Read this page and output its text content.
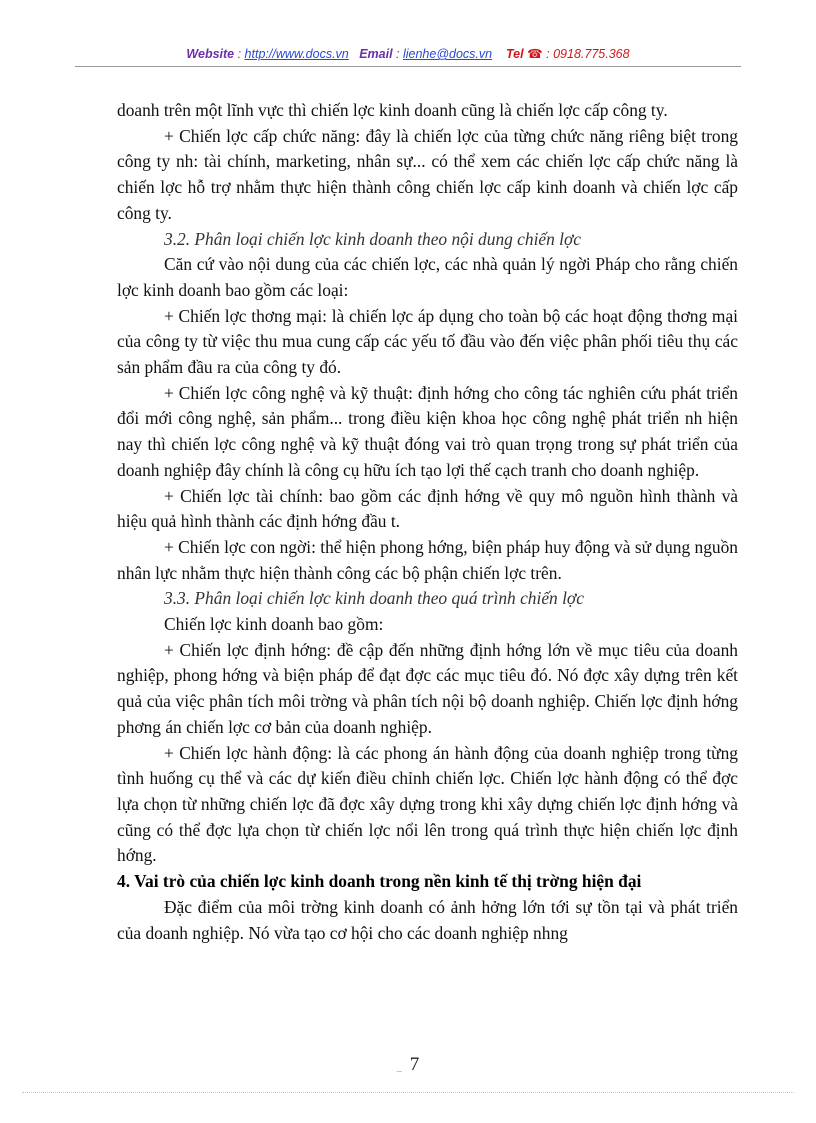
Website : http://www.docs.vn Email : lienhe@docs.vn Tel ☎ : 0918.775.368

doanh trên một lĩnh vực thì chiến lợc kinh doanh cũng là chiến lợc cấp công ty.

+ Chiến lợc cấp chức năng: đây là chiến lợc của từng chức năng riêng biệt trong công ty nh: tài chính, marketing, nhân sự... có thể xem các chiến lợc cấp chức năng là chiến lợc hỗ trợ nhằm thực hiện thành công chiến lợc cấp kinh doanh và chiến lợc cấp công ty.

3.2. Phân loại chiến lợc kinh doanh theo nội dung chiến lợc

Căn cứ vào nội dung của các chiến lợc, các nhà quản lý ngời Pháp cho rằng chiến lợc kinh doanh bao gồm các loại:

+ Chiến lợc thơng mại: là chiến lợc áp dụng cho toàn bộ các hoạt động thơng mại của công ty từ việc thu mua cung cấp các yếu tố đầu vào đến việc phân phối tiêu thụ các sản phẩm đầu ra của công ty đó.

+ Chiến lợc công nghệ và kỹ thuật: định hớng cho công tác nghiên cứu phát triển đổi mới công nghệ, sản phẩm... trong điều kiện khoa học công nghệ phát triển nh hiện nay thì chiến lợc công nghệ và kỹ thuật đóng vai trò quan trọng trong sự phát triển của doanh nghiệp đây chính là công cụ hữu ích tạo lợi thế cạch tranh cho doanh nghiệp.

+ Chiến lợc tài chính: bao gồm các định hớng về quy mô nguồn hình thành và hiệu quả hình thành các định hớng đầu t.

+ Chiến lợc con ngời: thể hiện phong hớng, biện pháp huy động và sử dụng nguồn nhân lực nhằm thực hiện thành công các bộ phận chiến lợc trên.

3.3. Phân loại chiến lợc kinh doanh theo quá trình chiến lợc

Chiến lợc kinh doanh bao gồm:

+ Chiến lợc định hớng: đề cập đến những định hớng lớn về mục tiêu của doanh nghiệp, phong hớng và biện pháp để đạt đợc các mục tiêu đó. Nó đợc xây dựng trên kết quả của việc phân tích môi trờng và phân tích nội bộ doanh nghiệp. Chiến lợc định hớng phơng án chiến lợc cơ bản của doanh nghiệp.

+ Chiến lợc hành động: là các phong án hành động của doanh nghiệp trong từng tình huống cụ thể và các dự kiến điều chỉnh chiến lợc. Chiến lợc hành động có thể đợc lựa chọn từ những chiến lợc đã đợc xây dựng trong khi xây dựng chiến lợc định hớng và cũng có thể đợc lựa chọn từ chiến lợc nổi lên trong quá trình thực hiện chiến lợc định hớng.

4. Vai trò của chiến lợc kinh doanh trong nền kinh tế thị trờng hiện đại

Đặc điểm của môi trờng kinh doanh có ảnh hởng lớn tới sự tồn tại và phát triển của doanh nghiệp. Nó vừa tạo cơ hội cho các doanh nghiệp nhng

_ 7
